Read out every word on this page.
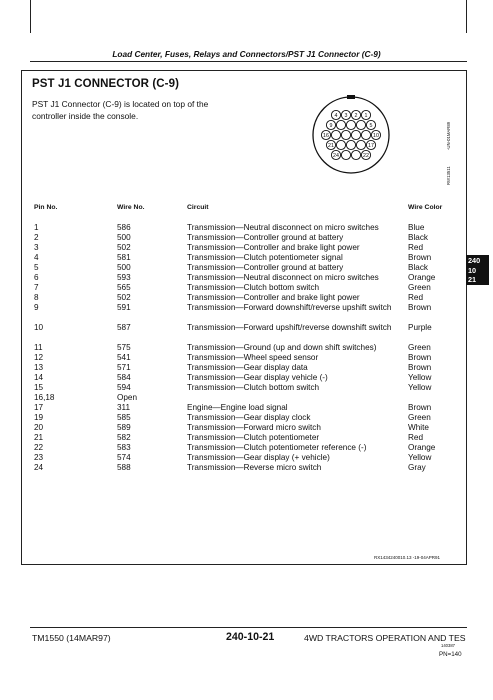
Load Center, Fuses, Relays and Connectors/PST J1 Connector (C-9)
PST J1 CONNECTOR (C-9)
PST J1 Connector (C-9) is located on top of the controller inside the console.	4 3 2 1
9	5
16	10
21	17
24	22
-UN-01MAR89
RW13511
Pin No.	Wire No.	Circuit	Wire Color
1	586	Transmission—Neutral disconnect on micro switches	Blue
2	500	Transmission—Controller ground at battery	Black
3	502	Transmission—Controller and brake light power	Red
4	581	Transmission—Clutch potentiometer signal	Brown
5	500	Transmission—Controller ground at battery	Black
6	593	Transmission—Neutral disconnect on micro switches	Orange
7	565	Transmission—Clutch bottom switch	Green
8	502	Transmission—Controller and brake light power	Red
9	591	Transmission—Forward downshift/reverse upshift switch	Brown
10	587	Transmission—Forward upshift/reverse downshift switch	Purple
11	575	Transmission—Ground (up and down shift switches)	Green
12	541	Transmission—Wheel speed sensor	Brown
13	571	Transmission—Gear display data	Brown
14	584	Transmission—Gear display vehicle (-)	Yellow
15	594	Transmission—Clutch bottom switch	Yellow
16,18	Open
17	311	Engine—Engine load signal	Brown
19	585	Transmission—Gear display clock	Green
20	589	Transmission—Forward micro switch	White
21	582	Transmission—Clutch potentiometer	Red
22	583	Transmission—Clutch potentiometer reference (-)	Orange
23	574	Transmission—Gear display (+ vehicle)	Yellow
24	588	Transmission—Reverse micro switch	Gray
240
10
21
RX1434240010.13 -19-04APR91
TM1550 (14MAR97)	240-10-21	4WD TRACTORS OPERATION AND TES
140387
PN=140
